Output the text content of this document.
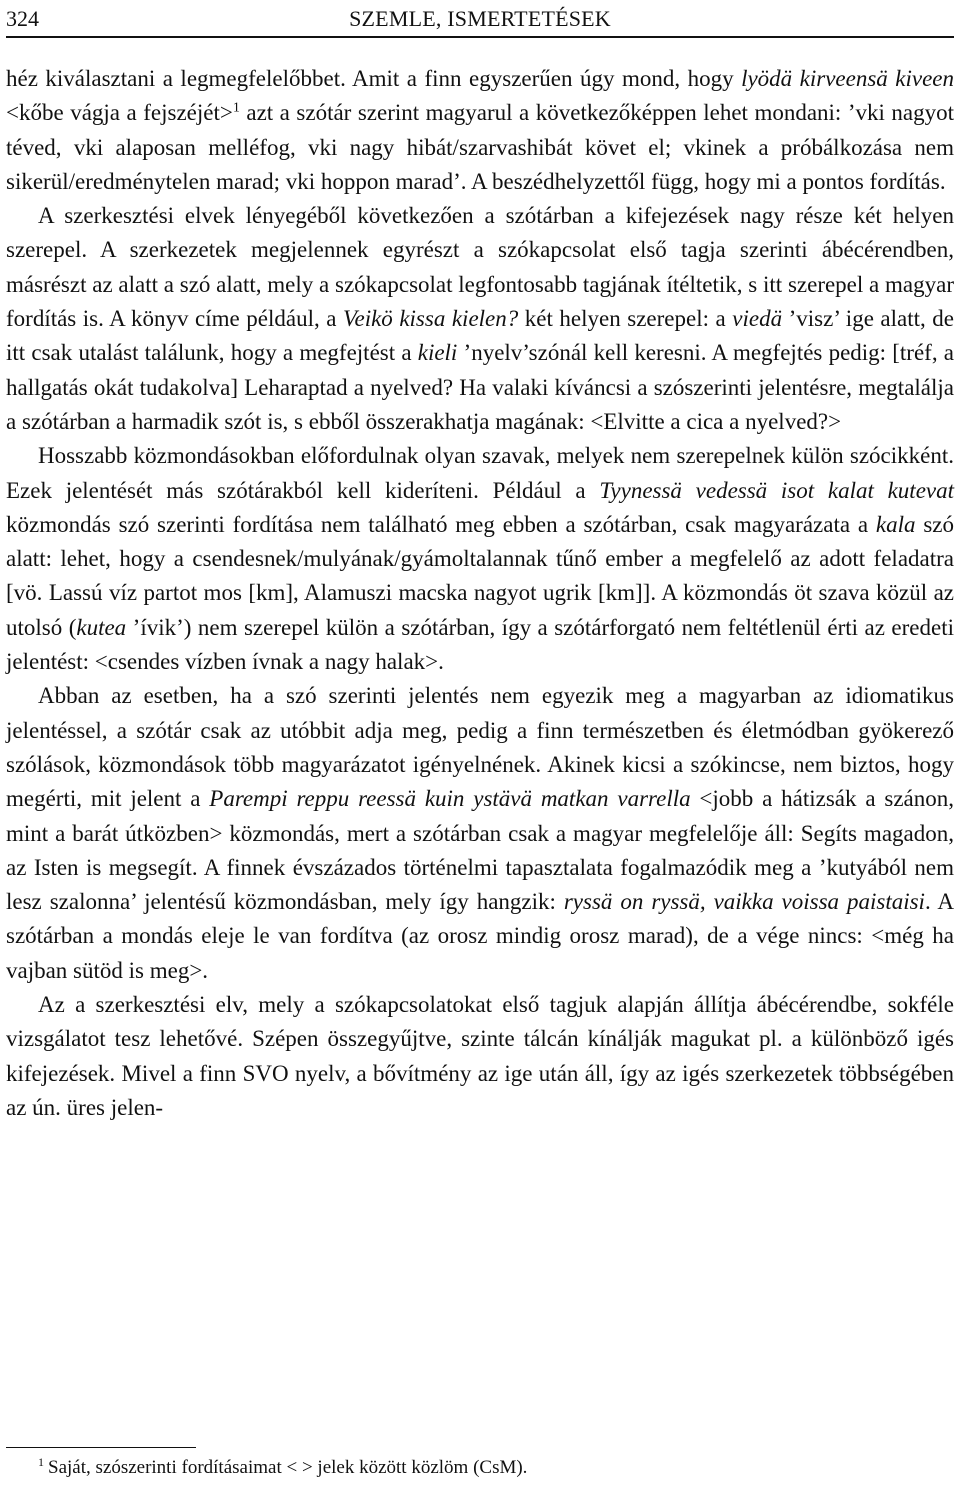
324	SZEMLE, ISMERTETÉSEK

héz kiválasztani a legmegfelelőbbet. Amit a finn egyszerűen úgy mond, hogy lyödä kirveensä kiveen <kőbe vágja a fejszéjét>$^1$ azt a szótár szerint magyarul a következőképpen lehet mondani: ’vki nagyot téved, vki alaposan melléfog, vki nagy hibát/szarvashibát követ el; vkinek a próbálkozása nem sikerül/eredménytelen marad; vki hoppon marad’. A beszédhelyzettől függ, hogy mi a pontos fordítás.

A szerkesztési elvek lényegéből következően a szótárban a kifejezések nagy része két helyen szerepel. A szerkezetek megjelennek egyrészt a szókapcsolat első tagja szerinti ábécérendben, másrészt az alatt a szó alatt, mely a szókapcsolat legfontosabb tagjának ítéltetik, s itt szerepel a magyar fordítás is. A könyv címe például, a Veikö kissa kielen? két helyen szerepel: a viedä ’visz’ ige alatt, de itt csak utalást találunk, hogy a megfejtést a kieli ’nyelv’szónál kell keresni. A megfejtés pedig: [tréf, a hallgatás okát tudakolva] Leharaptad a nyelved? Ha valaki kíváncsi a szószerinti jelentésre, megtalálja a szótárban a harmadik szót is, s ebből összerakhatja magának: <Elvitte a cica a nyelved?>

Hosszabb közmondásokban előfordulnak olyan szavak, melyek nem szerepelnek külön szócikként. Ezek jelentését más szótárakból kell kideríteni. Például a Tyynessä vedessä isot kalat kutevat közmondás szó szerinti fordítása nem található meg ebben a szótárban, csak magyarázata a kala szó alatt: lehet, hogy a csendesnek/mulyának/gyámoltalannak tűnő ember a megfelelő az adott feladatra [vö. Lassú víz partot mos [km], Alamuszi macska nagyot ugrik [km]]. A közmondás öt szava közül az utolsó (kutea ’ívik’) nem szerepel külön a szótárban, így a szótárforgató nem feltétlenül érti az eredeti jelentést: <csendes vízben ívnak a nagy halak>.

Abban az esetben, ha a szó szerinti jelentés nem egyezik meg a magyarban az idiomatikus jelentéssel, a szótár csak az utóbbit adja meg, pedig a finn természetben és életmódban gyökerező szólások, közmondások több magyarázatot igényelnének. Akinek kicsi a szókincse, nem biztos, hogy megérti, mit jelent a Parempi reppu reessä kuin ystävä matkan varrella <jobb a hátizsák a szánon, mint a barát útközben> közmondás, mert a szótárban csak a magyar megfelelője áll: Segíts magadon, az Isten is megsegít. A finnek évszázados történelmi tapasztalata fogalmazódik meg a ’kutyából nem lesz szalonna’ jelentésű közmondásban, mely így hangzik: ryssä on ryssä, vaikka voissa paistaisi. A szótárban a mondás eleje le van fordítva (az orosz mindig orosz marad), de a vége nincs: <még ha vajban sütöd is meg>.

Az a szerkesztési elv, mely a szókapcsolatokat első tagjuk alapján állítja ábécérendbe, sokféle vizsgálatot tesz lehetővé. Szépen összegyűjtve, szinte tálcán kínálják magukat pl. a különböző igés kifejezések. Mivel a finn SVO nyelv, a bővítmény az ige után áll, így az igés szerkezetek többségében az ún. üres jelen-

$^1$ Saját, szószerinti fordításaimat < > jelek között közlöm (CsM).
